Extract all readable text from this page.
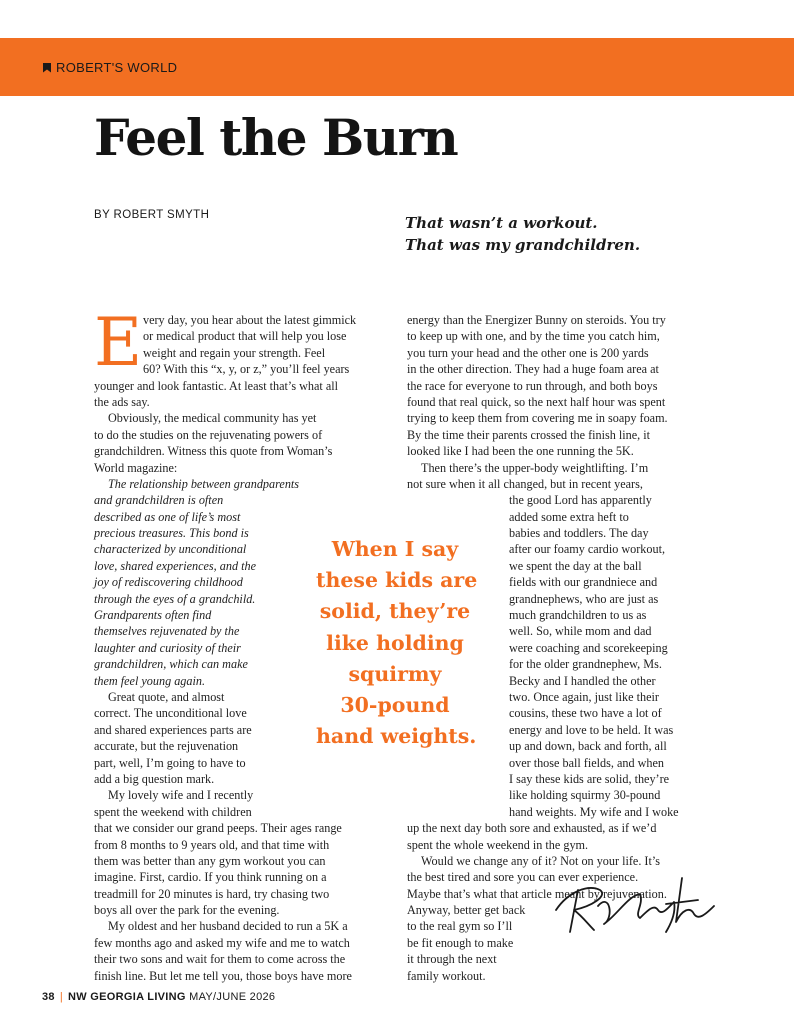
ROBERT'S WORLD
Feel the Burn
BY ROBERT SMYTH	That wasn’t a workout.
That was my grandchildren.
E very day, you hear about the latest gimmick
or medical product that will help you lose
weight and regain your strength. Feel
60? With this “x, y, or z,” you’ll feel years
younger and look fantastic. At least that’s what all
the ads say.
Obviously, the medical community has yet
to do the studies on the rejuvenating powers of
grandchildren. Witness this quote from Woman’s
World magazine:
The relationship between grandparents
and grandchildren is often
described as one of life’s most
precious treasures. This bond is
characterized by unconditional
love, shared experiences, and the
joy of rediscovering childhood
through the eyes of a grandchild.
Grandparents often find
themselves rejuvenated by the
laughter and curiosity of their
grandchildren, which can make
them feel young again.
Great quote, and almost
correct. The unconditional love
and shared experiences parts are
accurate, but the rejuvenation
part, well, I’m going to have to
add a big question mark.
My lovely wife and I recently
spent the weekend with children
that we consider our grand peeps. Their ages range
from 8 months to 9 years old, and that time with
them was better than any gym workout you can
imagine. First, cardio. If you think running on a
treadmill for 20 minutes is hard, try chasing two
boys all over the park for the evening.
My oldest and her husband decided to run a 5K a
few months ago and asked my wife and me to watch
their two sons and wait for them to come across the
finish line. But let me tell you, those boys have more
energy than the Energizer Bunny on steroids. You try
to keep up with one, and by the time you catch him,
you turn your head and the other one is 200 yards
in the other direction. They had a huge foam area at
the race for everyone to run through, and both boys
found that real quick, so the next half hour was spent
trying to keep them from covering me in soapy foam.
By the time their parents crossed the finish line, it
looked like I had been the one running the 5K.
Then there’s the upper-body weightlifting. I’m
not sure when it all changed, but in recent years,
the good Lord has apparently
added some extra heft to
babies and toddlers. The day
after our foamy cardio workout,
we spent the day at the ball
fields with our grandniece and
grandnephews, who are just as
much grandchildren to us as
well. So, while mom and dad
were coaching and scorekeeping
for the older grandnephew, Ms.
Becky and I handled the other
two. Once again, just like their
cousins, these two have a lot of
energy and love to be held. It was
up and down, back and forth, all
over those ball fields, and when
I say these kids are solid, they’re
like holding squirmy 30-pound
hand weights. My wife and I woke
up the next day both sore and exhausted, as if we’d
spent the whole weekend in the gym.
Would we change any of it? Not on your life. It’s
the best tired and sore you can ever experience.
Maybe that’s what that article meant by rejuvenation.
Anyway, better get back
to the real gym so I’ll
be fit enough to make
it through the next
family workout.
When I say
these kids are
solid, they’re
like holding
squirmy
30-pound
hand weights.
38 | NW GEORGIA LIVING MAY/JUNE 2026
